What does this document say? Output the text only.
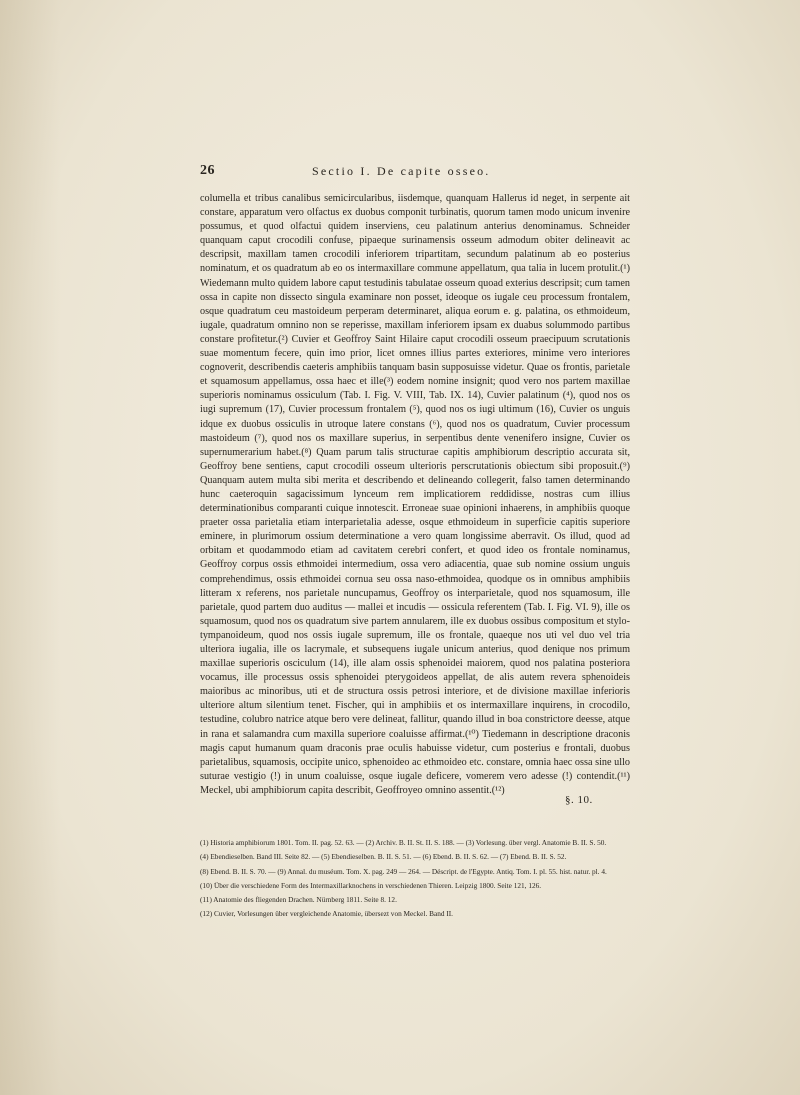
26	Sectio I. De capite osseo.

columella et tribus canalibus semicircularibus, iisdemque, quanquam Hallerus id neget, in serpente ait constare, apparatum vero olfactus ex duobus componit turbinatis, quorum tamen modo unicum invenire possumus, et quod olfactui quidem inserviens, ceu palatinum anterius denominamus. Schneider quanquam caput crocodili confuse, pipaeque surinamensis osseum admodum obiter delineavit ac descripsit, maxillam tamen crocodili inferiorem tripartitam, secundum palatinum ab eo posterius nominatum, et os quadratum ab eo os intermaxillare commune appellatum, qua talia in lucem protulit.(¹) Wiedemann multo quidem labore caput testudinis tabulatae osseum quoad exterius descripsit; cum tamen ossa in capite non dissecto singula examinare non posset, ideoque os iugale ceu processum frontalem, osque quadratum ceu mastoideum perperam determinaret, aliqua eorum e. g. palatina, os ethmoideum, iugale, quadratum omnino non se reperisse, maxillam inferiorem ipsam ex duabus solummodo partibus constare profitetur.(²) Cuvier et Geoffroy Saint Hilaire caput crocodili osseum praecipuum scrutationis suae momentum fecere, quin imo prior, licet omnes illius partes exteriores, minime vero interiores cognoverit, describendis caeteris amphibiis tanquam basin supposuisse videtur. Quae os frontis, parietale et squamosum appellamus, ossa haec et ille(³) eodem nomine insignit; quod vero nos partem maxillae superioris nominamus ossiculum (Tab. I. Fig. V. VIII, Tab. IX. 14), Cuvier palatinum (⁴), quod nos os iugi supremum (17), Cuvier processum frontalem (⁵), quod nos os iugi ultimum (16), Cuvier os unguis idque ex duobus ossiculis in utroque latere constans (⁶), quod nos os quadratum, Cuvier processum mastoideum (⁷), quod nos os maxillare superius, in serpentibus dente venenifero insigne, Cuvier os supernumerarium habet.(⁸) Quam parum talis structurae capitis amphibiorum descriptio accurata sit, Geoffroy bene sentiens, caput crocodili osseum ulterioris perscrutationis obiectum sibi proposuit.(⁹) Quanquam autem multa sibi merita et describendo et delineando collegerit, falso tamen determinando hunc caeteroquin sagacissimum lynceum rem implicatiorem reddidisse, nostras cum illius determinationibus comparanti cuique innotescit. Erroneae suae opinioni inhaerens, in amphibiis quoque praeter ossa parietalia etiam interparietalia adesse, osque ethmoideum in superficie capitis superiore eminere, in plurimorum ossium determinatione a vero quam longissime aberravit. Os illud, quod ad orbitam et quodammodo etiam ad cavitatem cerebri confert, et quod ideo os frontale nominamus, Geoffroy corpus ossis ethmoidei intermedium, ossa vero adiacentia, quae sub nomine ossium unguis comprehendimus, ossis ethmoidei cornua seu ossa naso-ethmoidea, quodque os in omnibus amphibiis litteram x referens, nos parietale nuncupamus, Geoffroy os interparietale, quod nos squamosum, ille parietale, quod partem duo auditus — mallei et incudis — ossicula referentem (Tab. I. Fig. VI. 9), ille os squamosum, quod nos os quadratum sive partem annularem, ille ex duobus ossibus compositum et stylo-tympanoideum, quod nos ossis iugale supremum, ille os frontale, quaeque nos uti vel duo vel tria ulteriora iugalia, ille os lacrymale, et subsequens iugale unicum anterius, quod denique nos primum maxillae superioris osciculum (14), ille alam ossis sphenoidei maiorem, quod nos palatina posteriora vocamus, ille processus ossis sphenoidei pterygoideos appellat, de alis autem revera sphenoideis maioribus ac minoribus, uti et de structura ossis petrosi interiore, et de divisione maxillae inferioris ulteriore altum silentium tenet. Fischer, qui in amphibiis et os intermaxillare inquirens, in crocodilo, testudine, colubro natrice atque bero vere delineat, fallitur, quando illud in boa constrictore deesse, atque in rana et salamandra cum maxilla superiore coaluisse affirmat.(¹⁰) Tiedemann in descriptione draconis magis caput humanum quam draconis prae oculis habuisse videtur, cum posterius e frontali, duobus parietalibus, squamosis, occipite unico, sphenoideo ac ethmoideo etc. constare, omnia haec ossa sine ullo suturae vestigio (!) in unum coaluisse, osque iugale deficere, vomerem vero adesse (!) contendit.(¹¹) Meckel, ubi amphibiorum capita describit, Geoffroyeo omnino assentit.(¹²)

§. 10.
(1) Historia amphibiorum 1801. Tom. II. pag. 52. 63. — (2) Archiv. B. II. St. II. S. 188. — (3) Vorlesung. über vergl. Anatomie B. II. S. 50.
(4) Ebendieselben. Band III. Seite 82. — (5) Ebendieselben. B. II. S. 51. — (6) Ebend. B. II. S. 62. — (7) Ebend. B. II. S. 52.
(8) Ebend. B. II. S. 70. — (9) Annal. du muséum. Tom. X. pag. 249 — 264. — Déscript. de l'Egypte. Antiq. Tom. I. pl. 55. hist. natur. pl. 4.
(10) Über die verschiedene Form des Intermaxillarknochens in verschiedenen Thieren. Leipzig 1800. Seite 121, 126.
(11) Anatomie des fliegenden Drachen. Nürnberg 1811. Seite 8. 12.
(12) Cuvier, Vorlesungen über vergleichende Anatomie, übersezt von Meckel. Band II.
